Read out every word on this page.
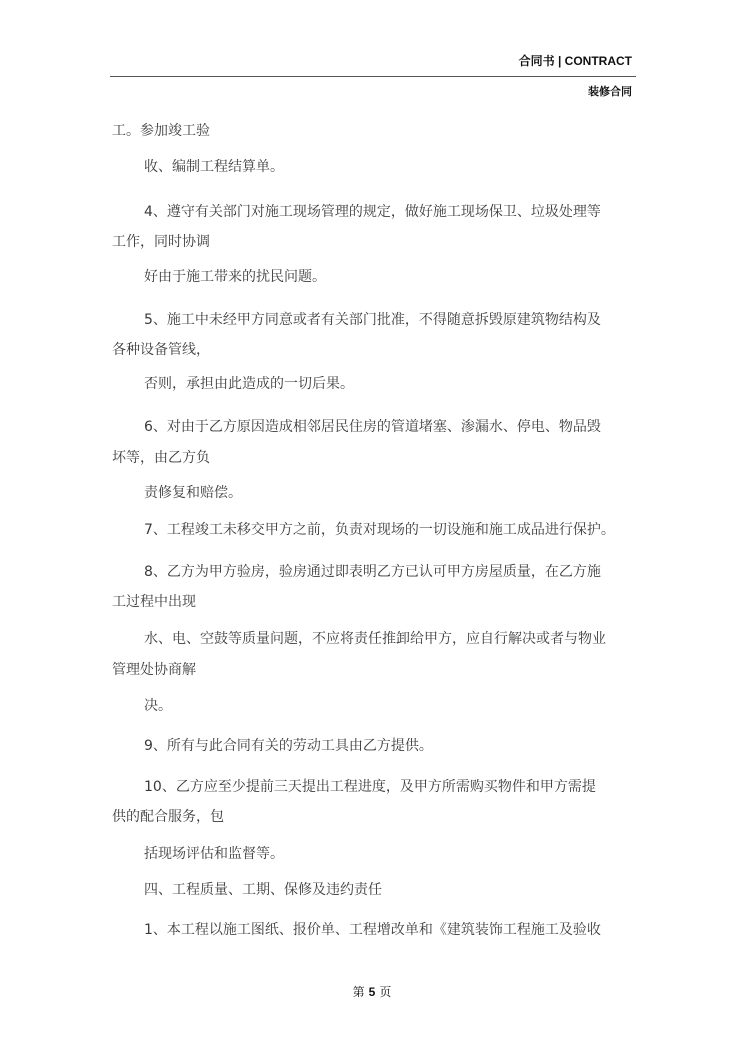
合同书 | CONTRACT
装修合同
工。参加竣工验
收、编制工程结算单。
4、遵守有关部门对施工现场管理的规定，做好施工现场保卫、垃圾处理等
工作，同时协调
好由于施工带来的扰民问题。
5、施工中未经甲方同意或者有关部门批准，不得随意拆毁原建筑物结构及
各种设备管线，
否则，承担由此造成的一切后果。
6、对由于乙方原因造成相邻居民住房的管道堵塞、渗漏水、停电、物品毁
坏等，由乙方负
责修复和赔偿。
7、工程竣工未移交甲方之前，负责对现场的一切设施和施工成品进行保护。
8、乙方为甲方验房，验房通过即表明乙方已认可甲方房屋质量，在乙方施
工过程中出现
水、电、空鼓等质量问题，不应将责任推卸给甲方，应自行解决或者与物业
管理处协商解
决。
9、所有与此合同有关的劳动工具由乙方提供。
10、乙方应至少提前三天提出工程进度，及甲方所需购买物件和甲方需提
供的配合服务，包
括现场评估和监督等。
四、工程质量、工期、保修及违约责任
1、本工程以施工图纸、报价单、工程增改单和《建筑装饰工程施工及验收
第 5 页
